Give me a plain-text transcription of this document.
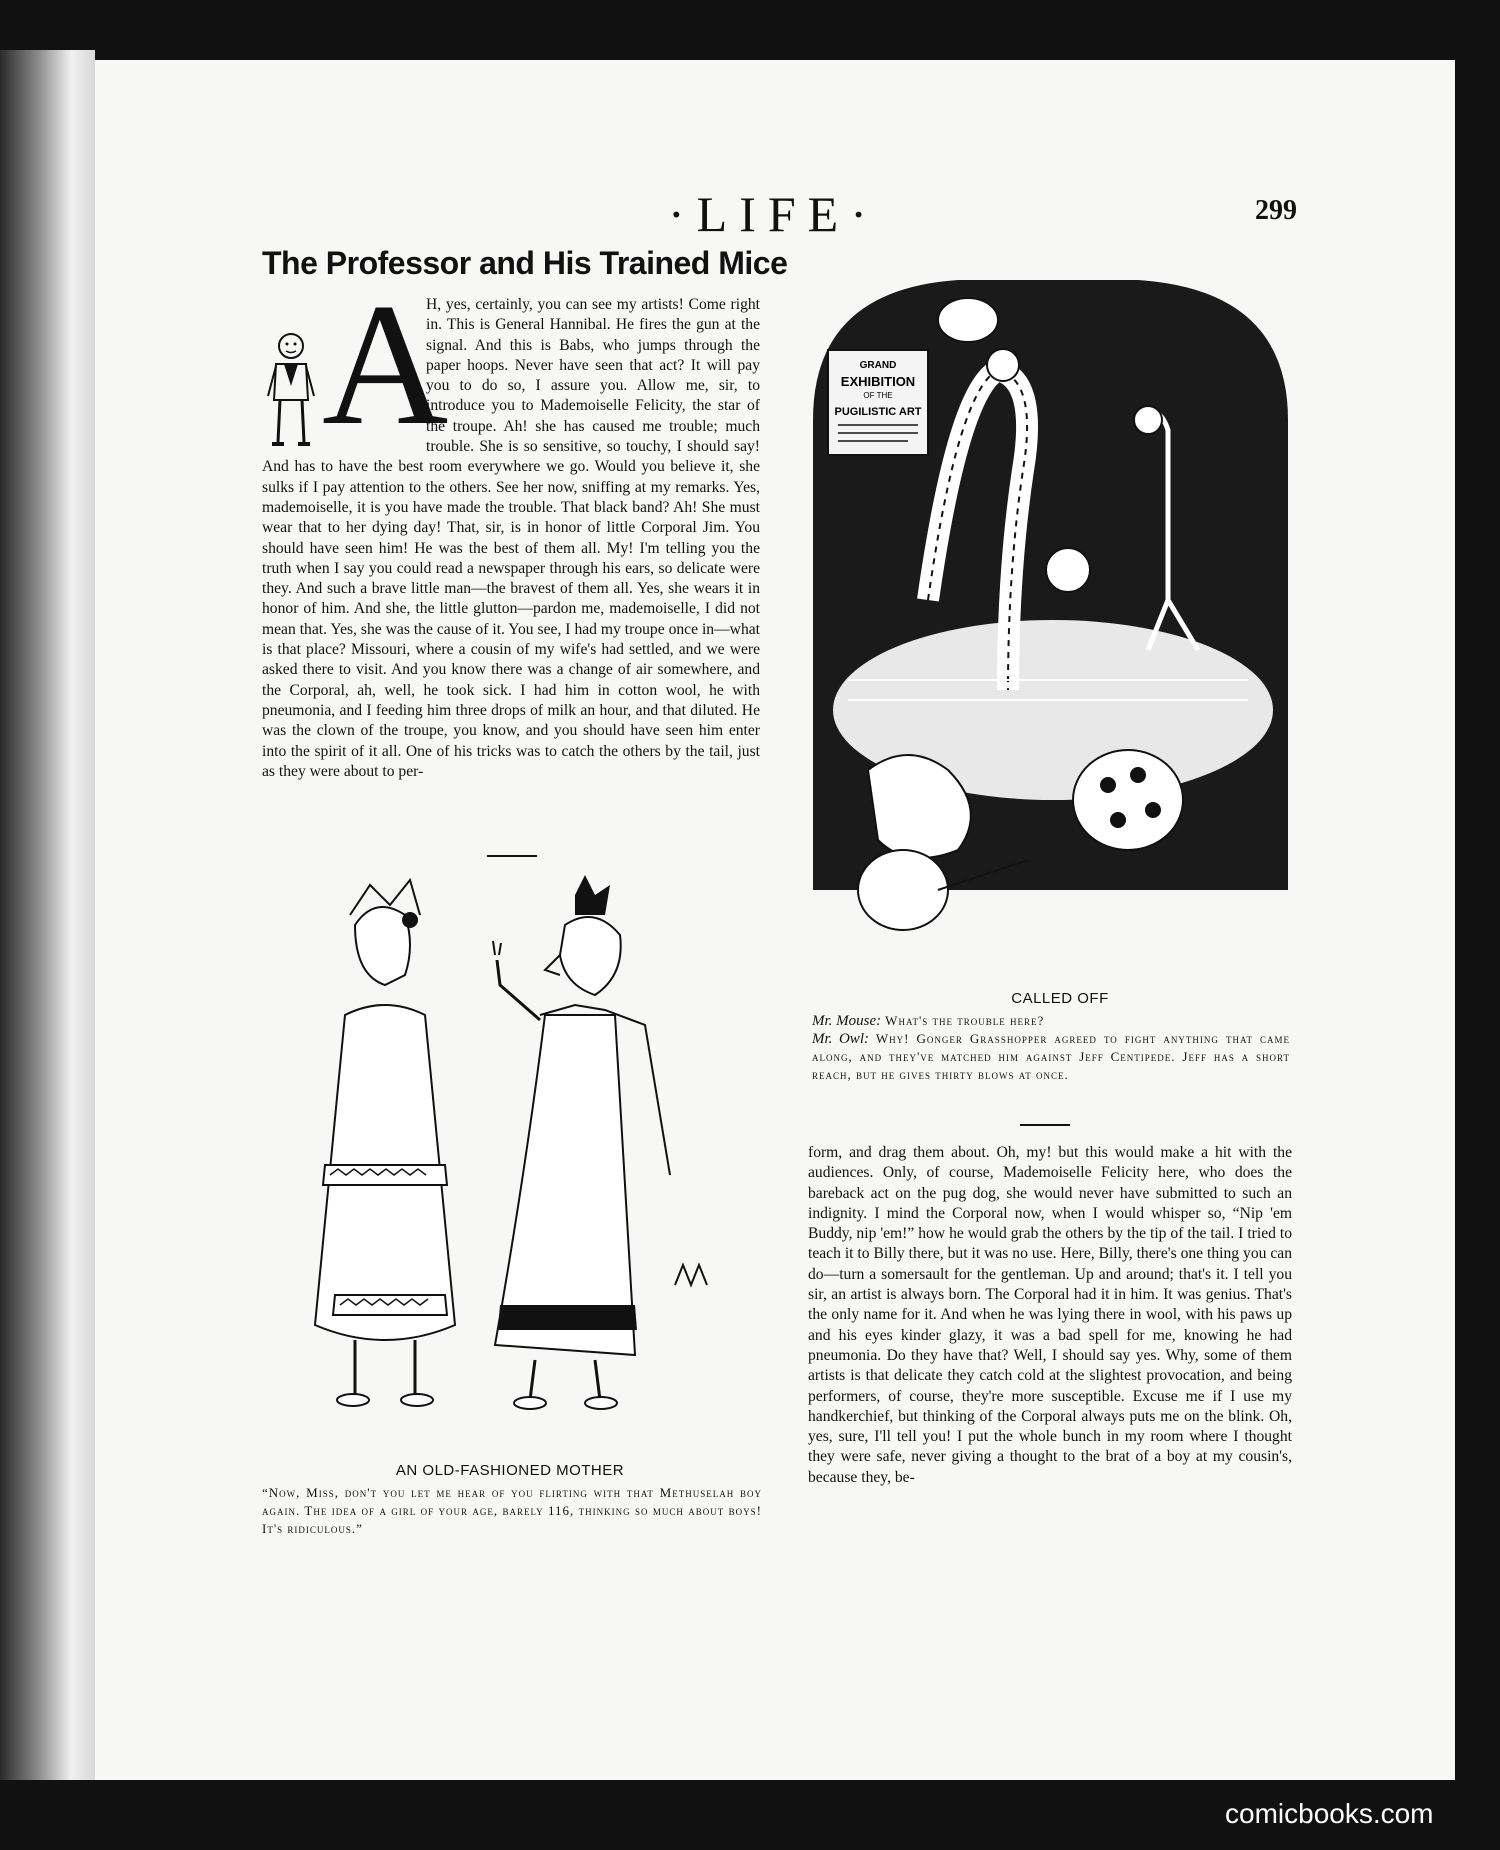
·LIFE·	299
The Professor and His Trained Mice
A

H, yes, certainly, you can see my artists! Come right in. This is General Hannibal. He fires the gun at the signal. And this is Babs, who jumps through the paper hoops. Never have seen that act? It will pay you to do so, I assure you. Allow me, sir, to introduce you to Mademoiselle Felicity, the star of the troupe. Ah! she has caused me trouble; much trouble. She is so sensitive, so touchy, I should say! And has to have the best room everywhere we go. Would you believe it, she sulks if I pay attention to the others. See her now, sniffing at my remarks. Yes, mademoiselle, it is you have made the trouble. That black band? Ah! She must wear that to her dying day! That, sir, is in honor of little Corporal Jim. You should have seen him! He was the best of them all. My! I'm telling you the truth when I say you could read a newspaper through his ears, so delicate were they. And such a brave little man—the bravest of them all. Yes, she wears it in honor of him. And she, the little glutton—pardon me, mademoiselle, I did not mean that. Yes, she was the cause of it. You see, I had my troupe once in—what is that place? Missouri, where a cousin of my wife's had settled, and we were asked there to visit. And you know there was a change of air somewhere, and the Corporal, ah, well, he took sick. I had him in cotton wool, he with pneumonia, and I feeding him three drops of milk an hour, and that diluted. He was the clown of the troupe, you know, and you should have seen him enter into the spirit of it all. One of his tricks was to catch the others by the tail, just as they were about to per-

GRAND
EXHIBITION
OF THE
PUGILISTIC ART
CALLED OFF
Mr. Mouse: What's the trouble here?
Mr. Owl: Why! Gonger Grasshopper agreed to fight anything that came along, and they've matched him against Jeff Centipede. Jeff has a short reach, but he gives thirty blows at once.

form, and drag them about. Oh, my! but this would make a hit with the audiences. Only, of course, Mademoiselle Felicity here, who does the bareback act on the pug dog, she would never have submitted to such an indignity. I mind the Corporal now, when I would whisper so, “Nip 'em Buddy, nip 'em!” how he would grab the others by the tip of the tail. I tried to teach it to Billy there, but it was no use. Here, Billy, there's one thing you can do—turn a somersault for the gentleman. Up and around; that's it. I tell you sir, an artist is always born. The Corporal had it in him. It was genius. That's the only name for it. And when he was lying there in wool, with his paws up and his eyes kinder glazy, it was a bad spell for me, knowing he had pneumonia. Do they have that? Well, I should say yes. Why, some of them artists is that delicate they catch cold at the slightest provocation, and being performers, of course, they're more susceptible. Excuse me if I use my handkerchief, but thinking of the Corporal always puts me on the blink. Oh, yes, sure, I'll tell you! I put the whole bunch in my room where I thought they were safe, never giving a thought to the brat of a boy at my cousin's, because they, be-

AN OLD-FASHIONED MOTHER
“Now, Miss, don't you let me hear of you flirting with that Methuselah boy again. The idea of a girl of your age, barely 116, thinking so much about boys! It's ridiculous.”
comicbooks.com
